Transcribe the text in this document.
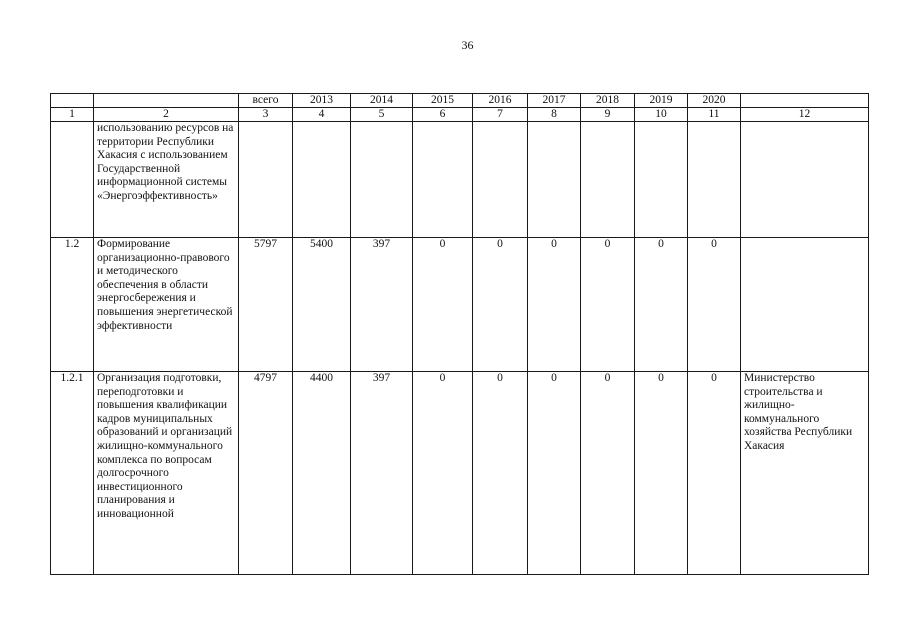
36
		всего	2013	2014	2015	2016	2017	2018	2019	2020	
1	2	3	4	5	6	7	8	9	10	11	12
	использованию ресурсов на территории Республики Хакасия с использованием Государственной информационной системы «Энергоэффективность»										
1.2	Формирование организационно-правового и методического обеспечения в области энергосбережения и повышения энергетической эффективности	5797	5400	397	0	0	0	0	0	0	
1.2.1	Организация подготовки, переподготовки и повышения квалификации кадров муниципальных образований и организаций жилищно-коммунального комплекса по вопросам долгосрочного инвестиционного планирования и инновационной	4797	4400	397	0	0	0	0	0	0	Министерство строительства и жилищно-коммунального хозяйства Республики Хакасия
